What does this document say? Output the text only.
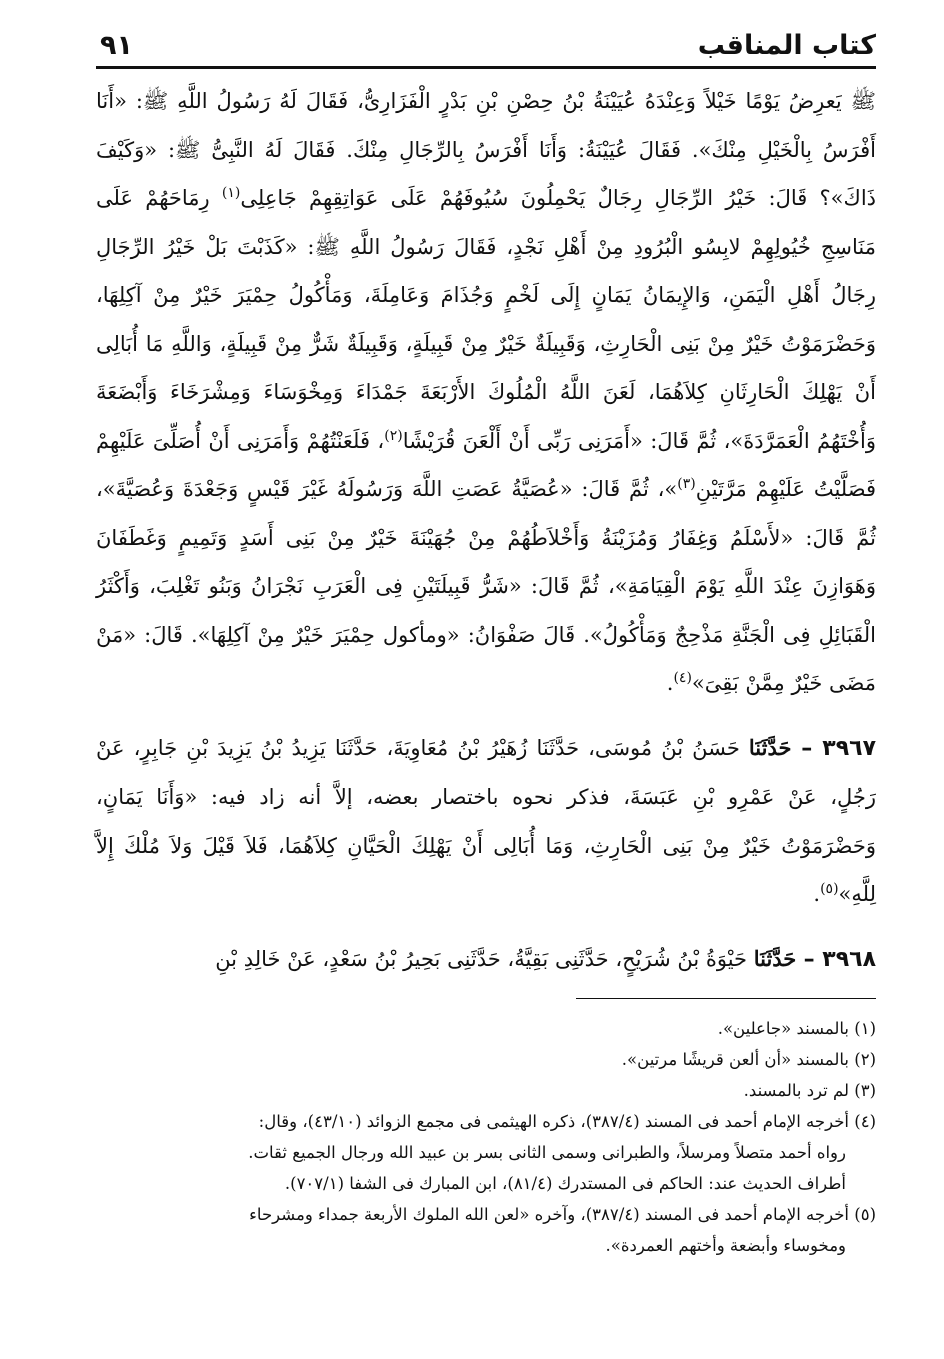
كتاب المناقب
٩١

ﷺ يَعرِضُ يَوْمًا خَيْلاً وَعِنْدَهُ عُيَيْنَةُ بْنُ حِصْنِ بْنِ بَدْرٍ الْفَزَارِىُّ، فَقَالَ لَهُ رَسُولُ اللَّهِ ﷺ: «أَنَا أَفْرَسُ بِالْخَيْلِ مِنْكَ». فَقَالَ عُيَيْنَةُ: وَأَنَا أَفْرَسُ بِالرِّجَالِ مِنْكَ. فَقَالَ لَهُ النَّبِىُّ ﷺ: «وَكَيْفَ ذَاكَ»؟ قَالَ: خَيْرُ الرِّجَالِ رِجَالٌ يَحْمِلُونَ سُيُوفَهُمْ عَلَى عَوَاتِقِهِمْ جَاعِلِى$^{(١)}$ رِمَاحَهُمْ عَلَى مَنَاسِجِ خُيُولِهِمْ لابِسُو الْبُرُودِ مِنْ أَهْلِ نَجْدٍ، فَقَالَ رَسُولُ اللَّهِ ﷺ: «كَذَبْتَ بَلْ خَيْرُ الرِّجَالِ رِجَالُ أَهْلِ الْيَمَنِ، وَالإِيمَانُ يَمَانٍ إِلَى لَخْمٍ وَجُذَامَ وَعَامِلَةَ، وَمَأْكُولُ حِمْيَرَ خَيْرٌ مِنْ آكِلِهَا، وَحَضْرَمَوْتُ خَيْرٌ مِنْ بَنِى الْحَارِثِ، وَقَبِيلَةٌ خَيْرٌ مِنْ قَبِيلَةٍ، وَقَبِيلَةٌ شَرٌّ مِنْ قَبِيلَةٍ، وَاللَّهِ مَا أُبَالِى أَنْ يَهْلِكَ الْحَارِثَانِ كِلاَهُمَا، لَعَنَ اللَّهُ الْمُلُوكَ الأَرْبَعَةَ جَمْدَاءَ وَمِخْوَسَاءَ وَمِشْرَخَاءَ وَأَبْضَعَةَ وَأُخْتَهُمُ الْعَمَرَّدَةَ»، ثُمَّ قَالَ: «أَمَرَنِى رَبِّى أَنْ أَلْعَنَ قُرَيْشًا$^{(٢)}$، فَلَعَنْتُهُمْ وَأَمَرَنِى أَنْ أُصَلِّىَ عَلَيْهِمْ فَصَلَّيْتُ عَلَيْهِمْ مَرَّتَيْنِ$^{(٣)}$»، ثُمَّ قَالَ: «عُصَيَّةُ عَصَتِ اللَّهَ وَرَسُولَهُ غَيْرَ قَيْسٍ وَجَعْدَةَ وَعُصَيَّةَ»، ثُمَّ قَالَ: «لأَسْلَمُ وَغِفَارُ وَمُزَيْنَةُ وَأَخْلاَطُهُمْ مِنْ جُهَيْنَةَ خَيْرٌ مِنْ بَنِى أَسَدٍ وَتَمِيمٍ وَغَطَفَانَ وَهَوَازِنَ عِنْدَ اللَّهِ يَوْمَ الْقِيَامَةِ»، ثُمَّ قَالَ: «شَرُّ قَبِيلَتَيْنِ فِى الْعَرَبِ نَجْرَانُ وَبَنُو تَغْلِبَ، وَأَكْثَرُ الْقَبَائِلِ فِى الْجَنَّةِ مَذْحِجٌ وَمَأْكُولُ». قَالَ صَفْوَانُ: «ومأكول حِمْيَرَ خَيْرٌ مِنْ آكِلِهَا». قَالَ: «مَنْ مَضَى خَيْرٌ مِمَّنْ بَقِىَ»$^{(٤)}$.

٣٩٦٧ – حَدَّثَنَا حَسَنُ بْنُ مُوسَى، حَدَّثَنَا زُهَيْرُ بْنُ مُعَاوِيَةَ، حَدَّثَنَا يَزِيدُ بْنُ يَزِيدَ بْنِ جَابِرٍ، عَنْ رَجُلٍ، عَنْ عَمْرِو بْنِ عَبَسَةَ، فذكر نحوه باختصار بعضه، إلاَّ أنه زاد فيه: «وَأَنَا يَمَانٍ، وَحَضْرَمَوْتُ خَيْرٌ مِنْ بَنِى الْحَارِثِ، وَمَا أُبَالِى أَنْ يَهْلِكَ الْحَيَّانِ كِلاَهُمَا، فَلاَ قَيْلَ وَلاَ مُلْكَ إِلاَّ لِلَّهِ»$^{(٥)}$.

٣٩٦٨ – حَدَّثَنَا حَيْوَةُ بْنُ شُرَيْحٍ، حَدَّثَنِى بَقِيَّةُ، حَدَّثَنِى بَحِيرُ بْنُ سَعْدٍ، عَنْ خَالِدِ بْنِ

(١) بالمسند «جاعلين».

(٢) بالمسند «أن ألعن قريشًا مرتين».

(٣) لم ترد بالمسند.

(٤) أخرجه الإمام أحمد فى المسند (٣٨٧/٤)، ذكره الهيثمى فى مجمع الزوائد (٤٣/١٠)، وقال:

رواه أحمد متصلاً ومرسلاً، والطبرانى وسمى الثانى بسر بن عبيد الله ورجال الجميع ثقات.

أطراف الحديث عند: الحاكم فى المستدرك (٨١/٤)، ابن المبارك فى الشفا (٧٠٧/١).

(٥) أخرجه الإمام أحمد فى المسند (٣٨٧/٤)، وآخره «لعن الله الملوك الأربعة جمداء ومشرحاء

ومخوساء وأبضعة وأختهم العمردة».
